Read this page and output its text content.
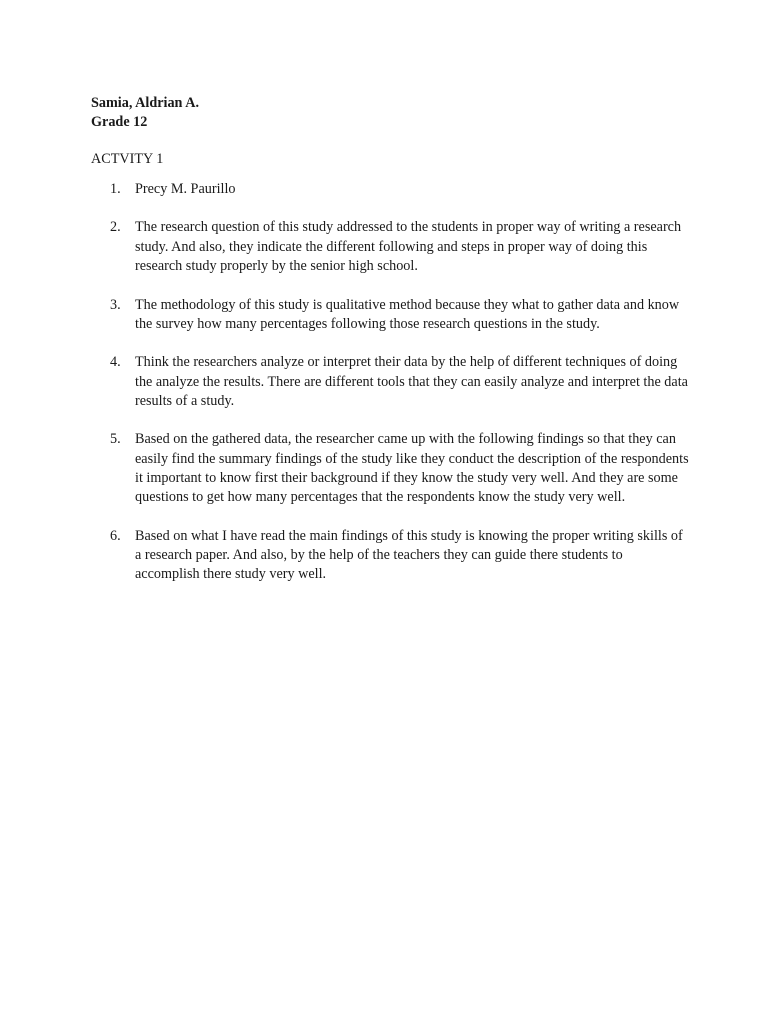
Samia, Aldrian A.
Grade 12
ACTVITY 1
1.	Precy M. Paurillo
2.	The research question of this study addressed to the students in proper way of writing a research study. And also, they indicate the different following and steps in proper way of doing this research study properly by the senior high school.
3.	The methodology of this study is qualitative method because they what to gather data and know the survey how many percentages following those research questions in the study.
4.	Think the researchers analyze or interpret their data by the help of different techniques of doing the analyze the results. There are different tools that they can easily analyze and interpret the data results of a study.
5.	Based on the gathered data, the researcher came up with the following findings so that they can easily find the summary findings of the study like they conduct the description of the respondents it important to know first their background if they know the study very well. And they are some questions to get how many percentages that the respondents know the study very well.
6.	Based on what I have read the main findings of this study is knowing the proper writing skills of a research paper. And also, by the help of the teachers they can guide there students to accomplish there study very well.
